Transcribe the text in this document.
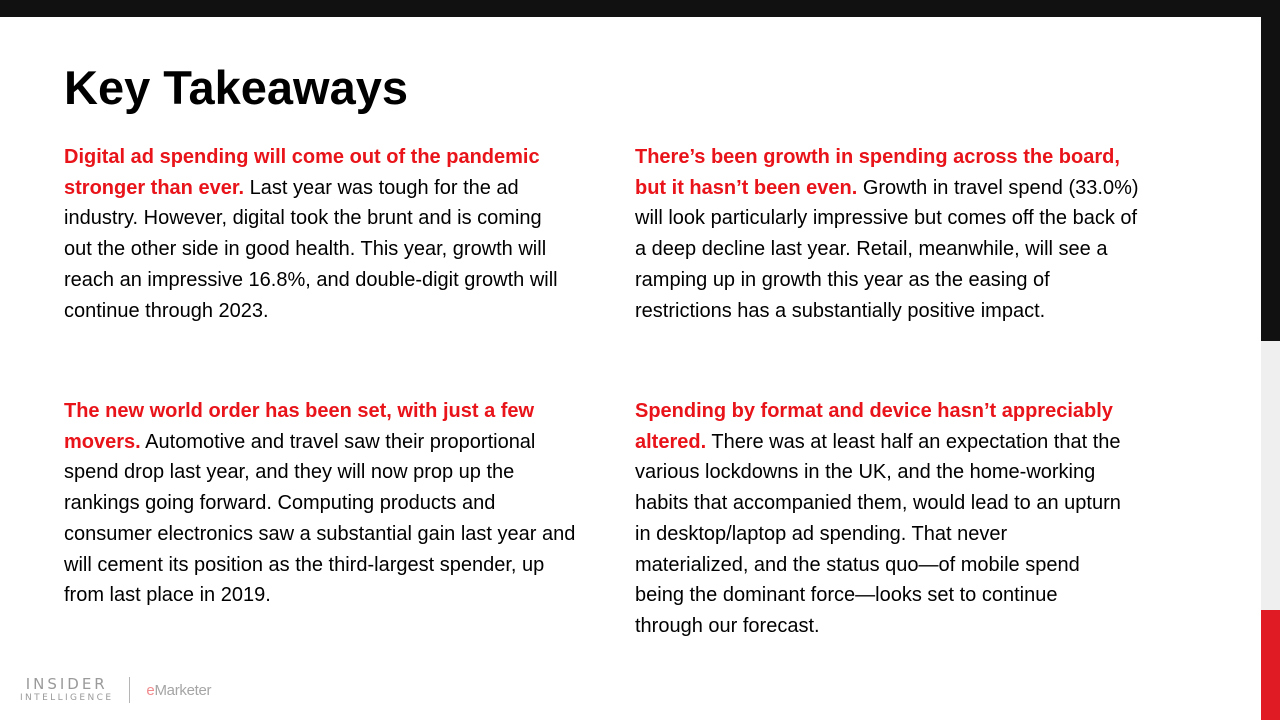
Key Takeaways

Digital ad spending will come out of the pandemic stronger than ever. Last year was tough for the ad industry. However, digital took the brunt and is coming out the other side in good health. This year, growth will reach an impressive 16.8%, and double-digit growth will continue through 2023.

There’s been growth in spending across the board, but it hasn’t been even. Growth in travel spend (33.0%) will look particularly impressive but comes off the back of a deep decline last year. Retail, meanwhile, will see a ramping up in growth this year as the easing of restrictions has a substantially positive impact.

The new world order has been set, with just a few movers. Automotive and travel saw their proportional spend drop last year, and they will now prop up the rankings going forward. Computing products and consumer electronics saw a substantial gain last year and will cement its position as the third-largest spender, up from last place in 2019.

Spending by format and device hasn’t appreciably altered. There was at least half an expectation that the various lockdowns in the UK, and the home-working habits that accompanied them, would lead to an upturn in desktop/laptop ad spending. That never materialized, and the status quo—of mobile spend being the dominant force—looks set to continue through our forecast.

INSIDER
INTELLIGENCE eMarketer
